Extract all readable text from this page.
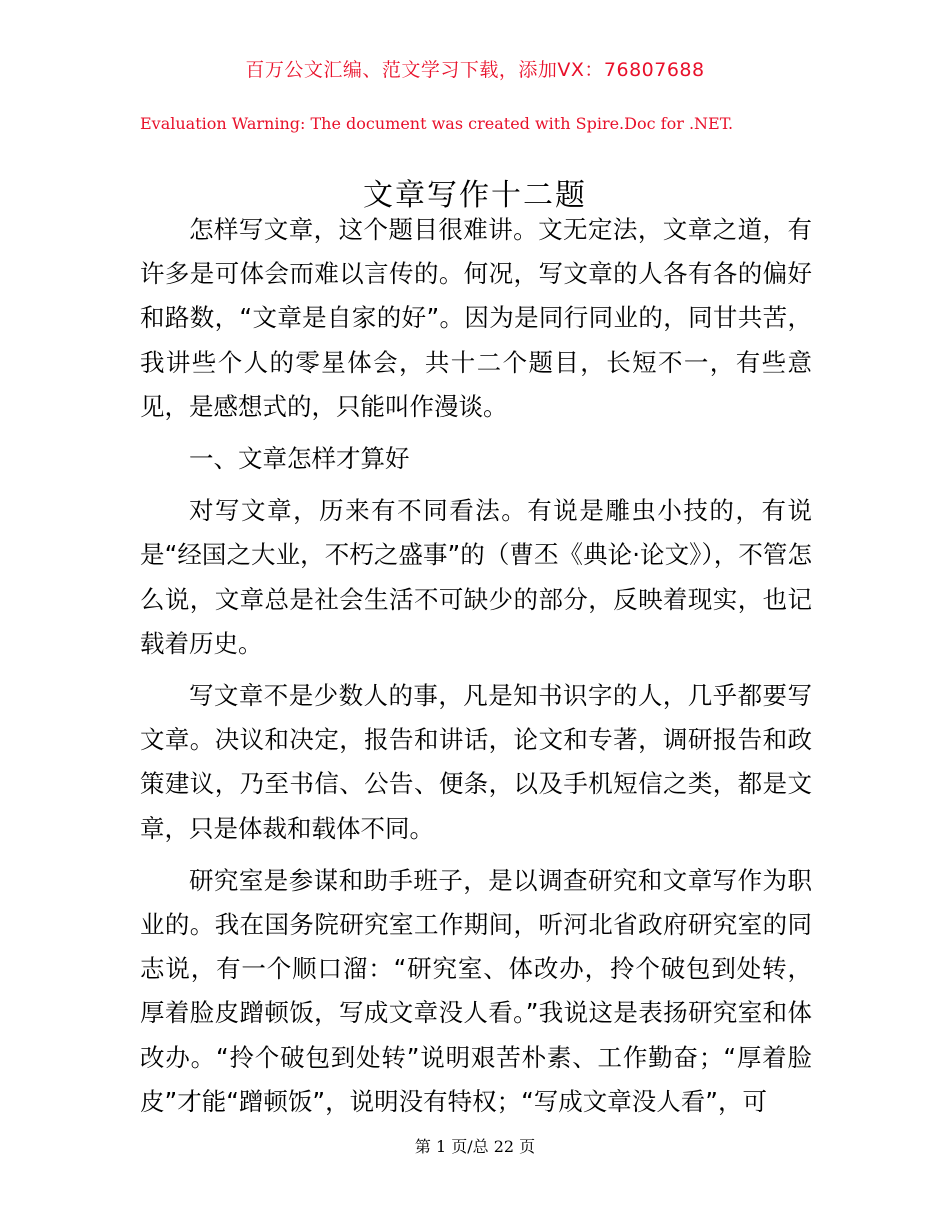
百万公文汇编、范文学习下载，添加VX：76807688
Evaluation Warning: The document was created with Spire.Doc for .NET.
文章写作十二题

怎样写文章，这个题目很难讲。文无定法，文章之道，有许多是可体会而难以言传的。何况，写文章的人各有各的偏好和路数，“文章是自家的好”。因为是同行同业的，同甘共苦，我讲些个人的零星体会，共十二个题目，长短不一，有些意见，是感想式的，只能叫作漫谈。

一、文章怎样才算好

对写文章，历来有不同看法。有说是雕虫小技的，有说是“经国之大业，不朽之盛事”的（曹丕《典论·论文》），不管怎么说，文章总是社会生活不可缺少的部分，反映着现实，也记载着历史。

写文章不是少数人的事，凡是知书识字的人，几乎都要写文章。决议和决定，报告和讲话，论文和专著，调研报告和政策建议，乃至书信、公告、便条，以及手机短信之类，都是文章，只是体裁和载体不同。

研究室是参谋和助手班子，是以调查研究和文章写作为职业的。我在国务院研究室工作期间，听河北省政府研究室的同志说，有一个顺口溜：“研究室、体改办，拎个破包到处转，厚着脸皮蹭顿饭，写成文章没人看。”我说这是表扬研究室和体改办。“拎个破包到处转”说明艰苦朴素、工作勤奋；“厚着脸皮”才能“蹭顿饭”，说明没有特权；“写成文章没人看”，可

第 1 页/总 22 页
